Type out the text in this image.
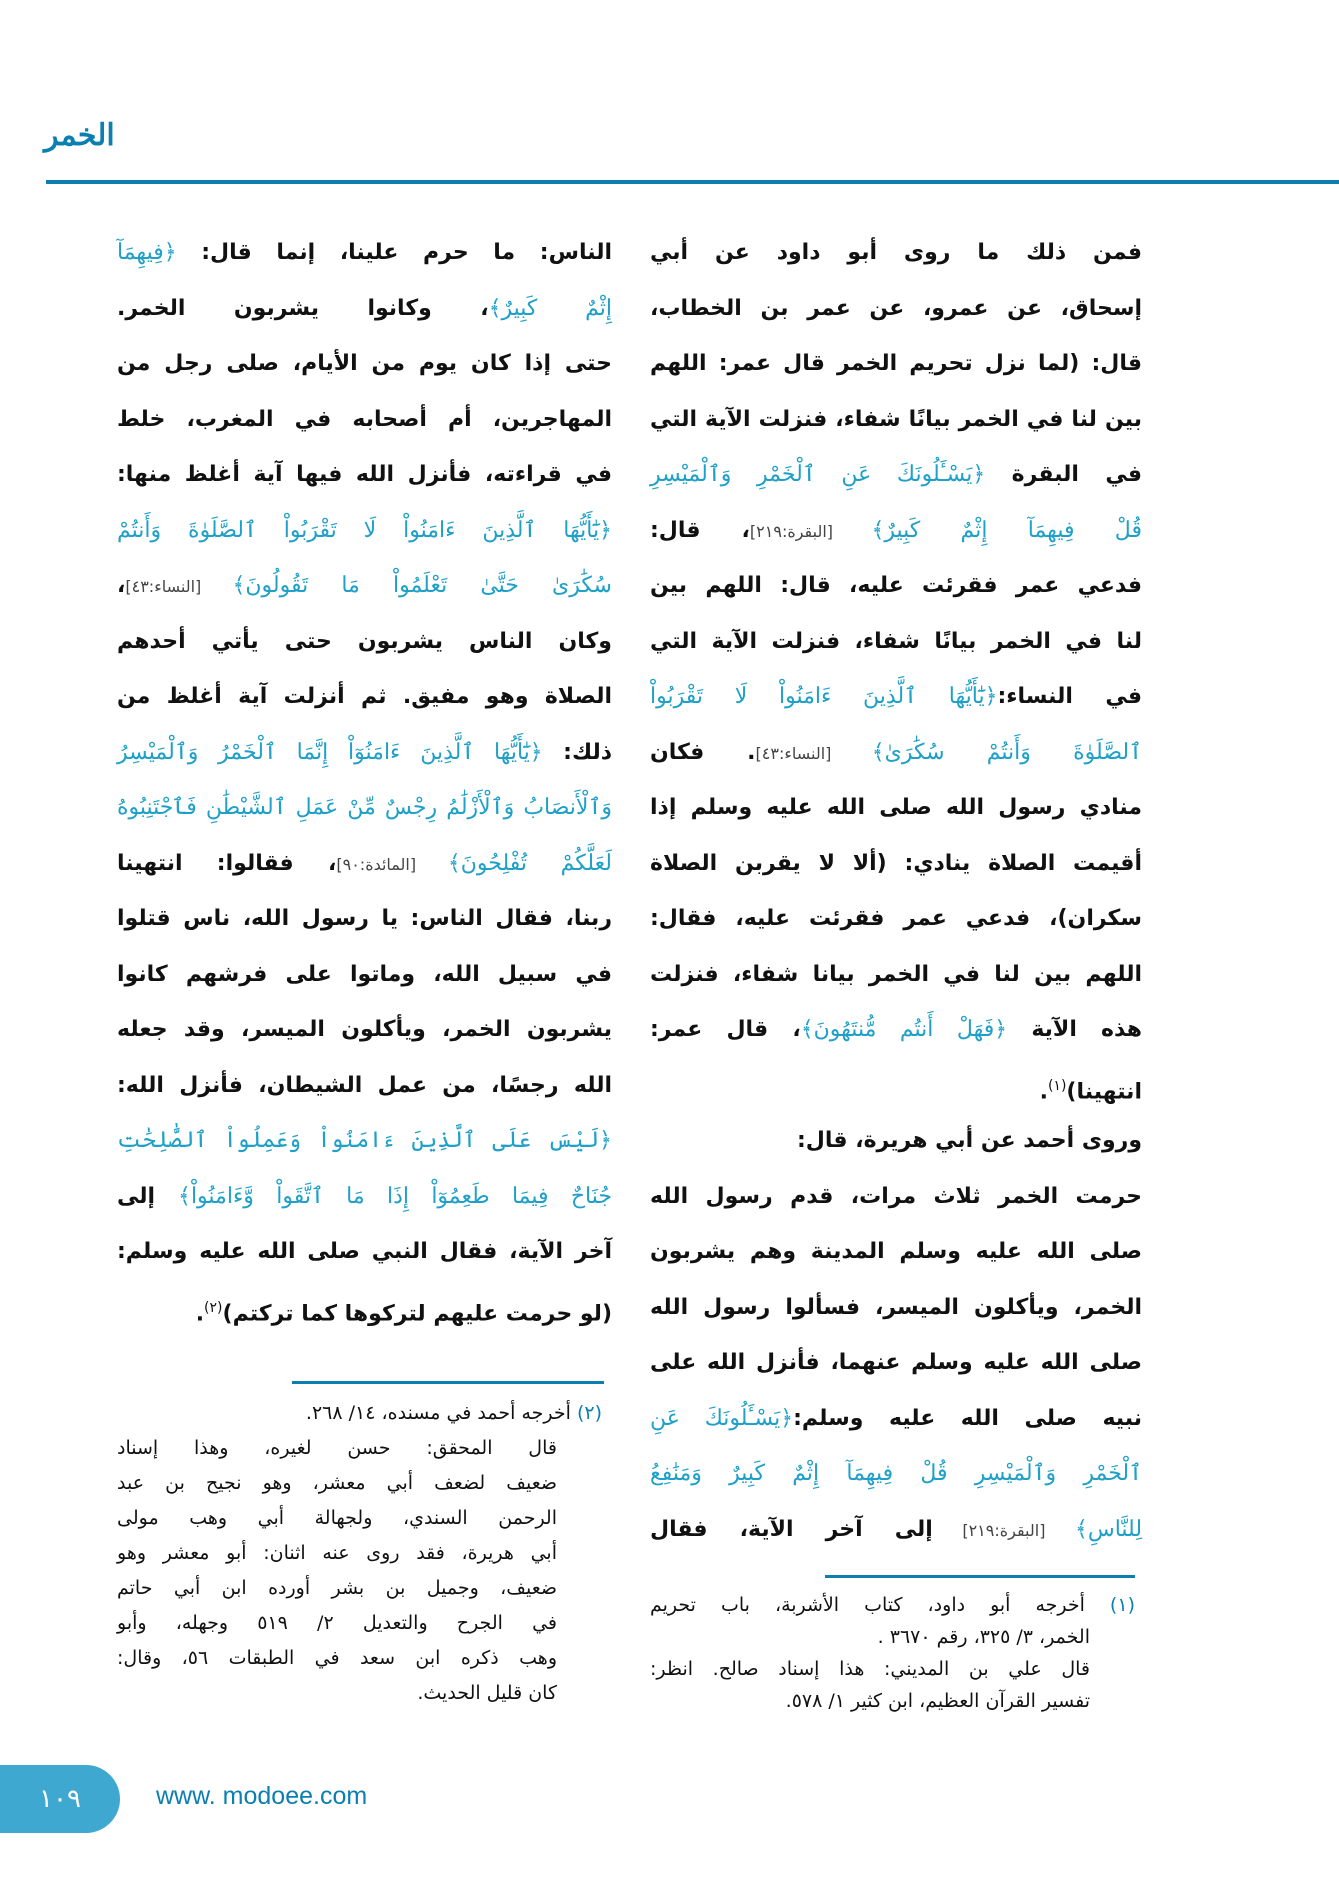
الخمر
فمن ذلك ما روى أبو داود عن أبي
إسحاق، عن عمرو، عن عمر بن الخطاب،
قال: (لما نزل تحريم الخمر قال عمر: اللهم
بين لنا في الخمر بيانًا شفاء، فنزلت الآية التي
في البقرة ﴿يَسْـَٔلُونَكَ عَنِ ٱلْخَمْرِ وَٱلْمَيْسِرِ
قُلْ فِيهِمَآ إِثْمٌ كَبِيرٌ﴾ [البقرة:٢١٩]، قال:
فدعي عمر فقرئت عليه، قال: اللهم بين
لنا في الخمر بيانًا شفاء، فنزلت الآية التي
في النساء:﴿يَٰٓأَيُّهَا ٱلَّذِينَ ءَامَنُواْ لَا تَقْرَبُواْ
ٱلصَّلَوٰةَ وَأَنتُمْ سُكَٰرَىٰ﴾ [النساء:٤٣]. فكان
منادي رسول الله صلى الله عليه وسلم إذا
أقيمت الصلاة ينادي: (ألا لا يقربن الصلاة
سكران)، فدعي عمر فقرئت عليه، فقال:
اللهم بين لنا في الخمر بيانا شفاء، فنزلت
هذه الآية ﴿فَهَلْ أَنتُم مُّنتَهُونَ﴾، قال عمر:
انتهينا)$^{(١)}$.
وروى أحمد عن أبي هريرة، قال:
حرمت الخمر ثلاث مرات، قدم رسول الله
صلى الله عليه وسلم المدينة وهم يشربون
الخمر، ويأكلون الميسر، فسألوا رسول الله
صلى الله عليه وسلم عنهما، فأنزل الله على
نبيه صلى الله عليه وسلم:﴿يَسْـَٔلُونَكَ عَنِ
ٱلْخَمْرِ وَٱلْمَيْسِرِ قُلْ فِيهِمَآ إِثْمٌ كَبِيرٌ وَمَنَٰفِعُ
لِلنَّاسِ﴾ [البقرة:٢١٩] إلى آخر الآية، فقال
الناس: ما حرم علينا، إنما قال: ﴿فِيهِمَآ
إِثْمٌ كَبِيرٌ﴾، وكانوا يشربون الخمر.
حتى إذا كان يوم من الأيام، صلى رجل من
المهاجرين، أم أصحابه في المغرب، خلط
في قراءته، فأنزل الله فيها آية أغلظ منها:
﴿يَٰٓأَيُّهَا ٱلَّذِينَ ءَامَنُواْ لَا تَقْرَبُواْ ٱلصَّلَوٰةَ وَأَنتُمْ
سُكَٰرَىٰ حَتَّىٰ تَعْلَمُواْ مَا تَقُولُونَ﴾ [النساء:٤٣]،
وكان الناس يشربون حتى يأتي أحدهم
الصلاة وهو مفيق. ثم أنزلت آية أغلظ من
ذلك: ﴿يَٰٓأَيُّهَا ٱلَّذِينَ ءَامَنُوٓاْ إِنَّمَا ٱلْخَمْرُ وَٱلْمَيْسِرُ
وَٱلْأَنصَابُ وَٱلْأَزْلَٰمُ رِجْسٌ مِّنْ عَمَلِ ٱلشَّيْطَٰنِ فَٱجْتَنِبُوهُ
لَعَلَّكُمْ تُفْلِحُونَ﴾ [المائدة:٩٠]، فقالوا: انتهينا
ربنا، فقال الناس: يا رسول الله، ناس قتلوا
في سبيل الله، وماتوا على فرشهم كانوا
يشربون الخمر، ويأكلون الميسر، وقد جعله
الله رجسًا، من عمل الشيطان، فأنزل الله:
﴿لَيْسَ عَلَى ٱلَّذِينَ ءَامَنُواْ وَعَمِلُواْ ٱلصَّٰلِحَٰتِ
جُنَاحٌ فِيمَا طَعِمُوٓاْ إِذَا مَا ٱتَّقَواْ وَّءَامَنُواْ﴾ إلى
آخر الآية، فقال النبي صلى الله عليه وسلم:
(لو حرمت عليهم لتركوها كما تركتم)$^{(٢)}$.
(١) أخرجه أبو داود، كتاب الأشربة، باب تحريم
الخمر، ٣/ ٣٢٥، رقم ٣٦٧٠ .
قال علي بن المديني: هذا إسناد صالح. انظر:
تفسير القرآن العظيم، ابن كثير ١/ ٥٧٨.
(٢) أخرجه أحمد في مسنده، ١٤/ ٢٦٨.
قال المحقق: حسن لغيره، وهذا إسناد
ضعيف لضعف أبي معشر، وهو نجيح بن عبد
الرحمن السندي، ولجهالة أبي وهب مولى
أبي هريرة، فقد روى عنه اثنان: أبو معشر وهو
ضعيف، وجميل بن بشر أورده ابن أبي حاتم
في الجرح والتعديل ٢/ ٥١٩ وجهله، وأبو
وهب ذكره ابن سعد في الطبقات ٥٦، وقال:
كان قليل الحديث.
١٠٩	www. modoee.com
